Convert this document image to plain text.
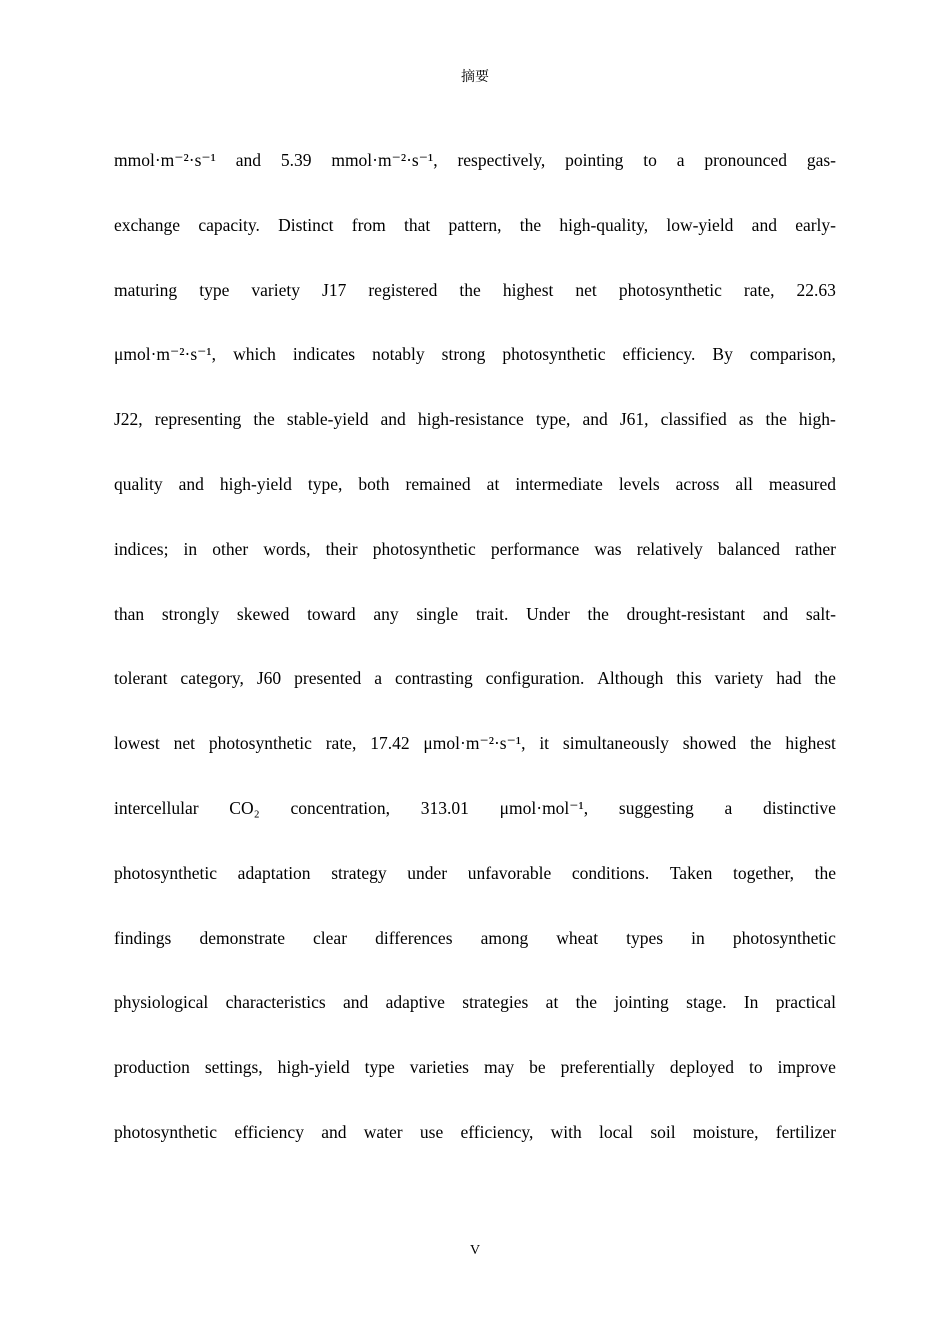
摘要
mmol·m⁻²·s⁻¹ and 5.39 mmol·m⁻²·s⁻¹, respectively, pointing to a pronounced gas-
exchange capacity. Distinct from that pattern, the high-quality, low-yield and early-
maturing type variety J17 registered the highest net photosynthetic rate, 22.63
μmol·m⁻²·s⁻¹, which indicates notably strong photosynthetic efficiency. By comparison,
J22, representing the stable-yield and high-resistance type, and J61, classified as the high-
quality and high-yield type, both remained at intermediate levels across all measured
indices; in other words, their photosynthetic performance was relatively balanced rather
than strongly skewed toward any single trait. Under the drought-resistant and salt-
tolerant category, J60 presented a contrasting configuration. Although this variety had the
lowest net photosynthetic rate, 17.42 μmol·m⁻²·s⁻¹, it simultaneously showed the highest
intercellular CO₂ concentration, 313.01 μmol·mol⁻¹, suggesting a distinctive
photosynthetic adaptation strategy under unfavorable conditions. Taken together, the
findings demonstrate clear differences among wheat types in photosynthetic
physiological characteristics and adaptive strategies at the jointing stage. In practical
production settings, high-yield type varieties may be preferentially deployed to improve
photosynthetic efficiency and water use efficiency, with local soil moisture, fertilizer
V
